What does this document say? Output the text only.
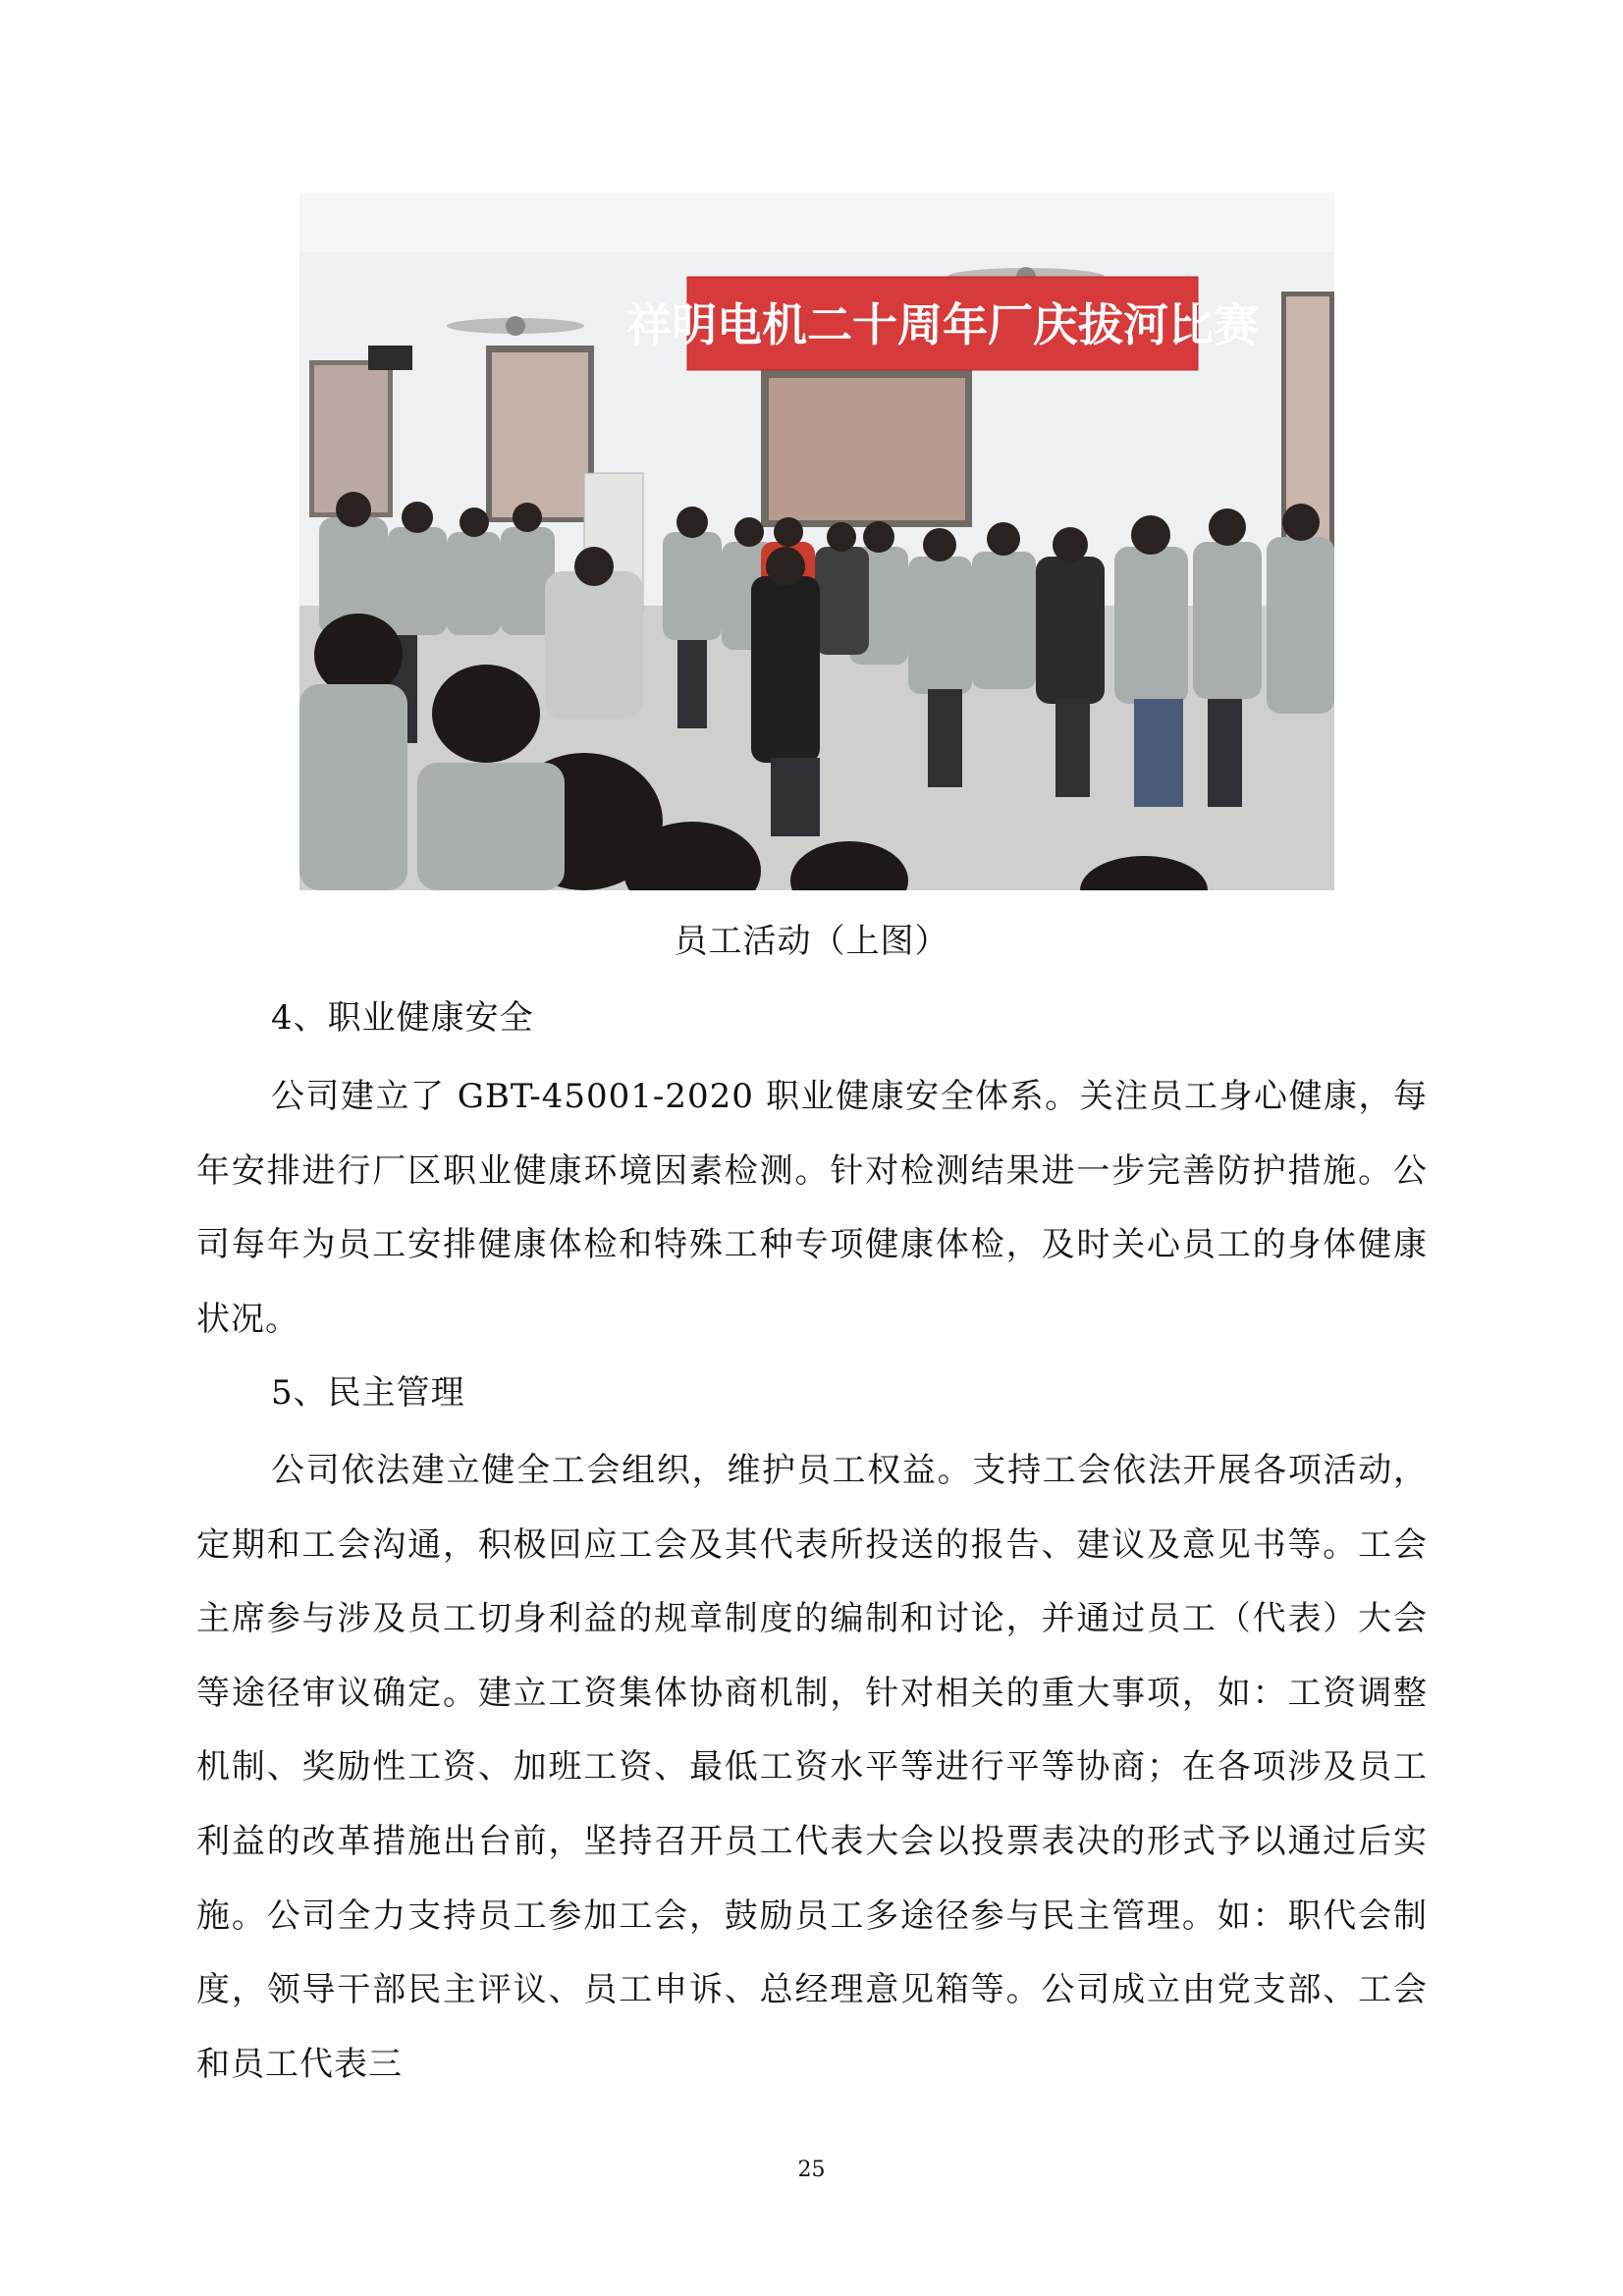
祥明电机二十周年厂庆拔河比赛
员工活动（上图）
4、职业健康安全
公司建立了 GBT-45001-2020 职业健康安全体系。关注员工身心健康，每年安排进行厂区职业健康环境因素检测。针对检测结果进一步完善防护措施。公司每年为员工安排健康体检和特殊工种专项健康体检，及时关心员工的身体健康状况。
5、民主管理
公司依法建立健全工会组织，维护员工权益。支持工会依法开展各项活动，定期和工会沟通，积极回应工会及其代表所投送的报告、建议及意见书等。工会主席参与涉及员工切身利益的规章制度的编制和讨论，并通过员工（代表）大会等途径审议确定。建立工资集体协商机制，针对相关的重大事项，如：工资调整机制、奖励性工资、加班工资、最低工资水平等进行平等协商；在各项涉及员工利益的改革措施出台前，坚持召开员工代表大会以投票表决的形式予以通过后实施。公司全力支持员工参加工会，鼓励员工多途径参与民主管理。如：职代会制度，领导干部民主评议、员工申诉、总经理意见箱等。公司成立由党支部、工会和员工代表三
25
